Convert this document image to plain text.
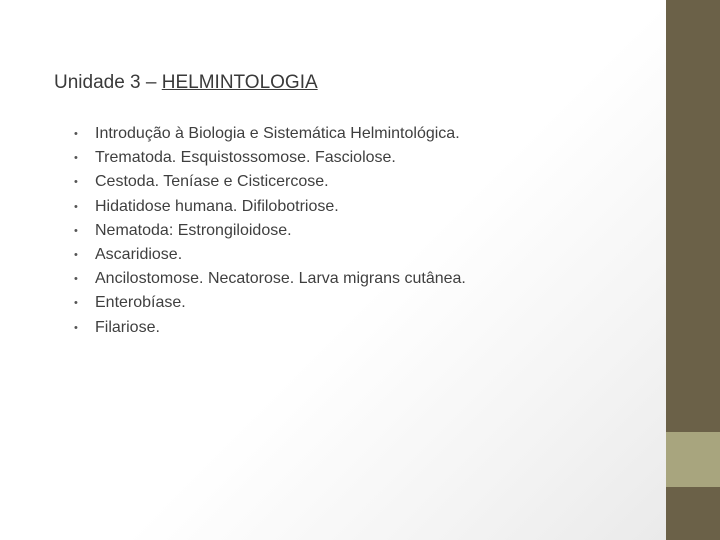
Unidade 3 – HELMINTOLOGIA
• Introdução à Biologia e Sistemática Helmintológica.
• Trematoda. Esquistossomose. Fasciolose.
• Cestoda. Teníase e Cisticercose.
• Hidatidose humana. Difilobotriose.
• Nematoda: Estrongiloidose.
• Ascaridiose.
• Ancilostomose. Necatorose. Larva migrans cutânea.
• Enterobíase.
• Filariose.
